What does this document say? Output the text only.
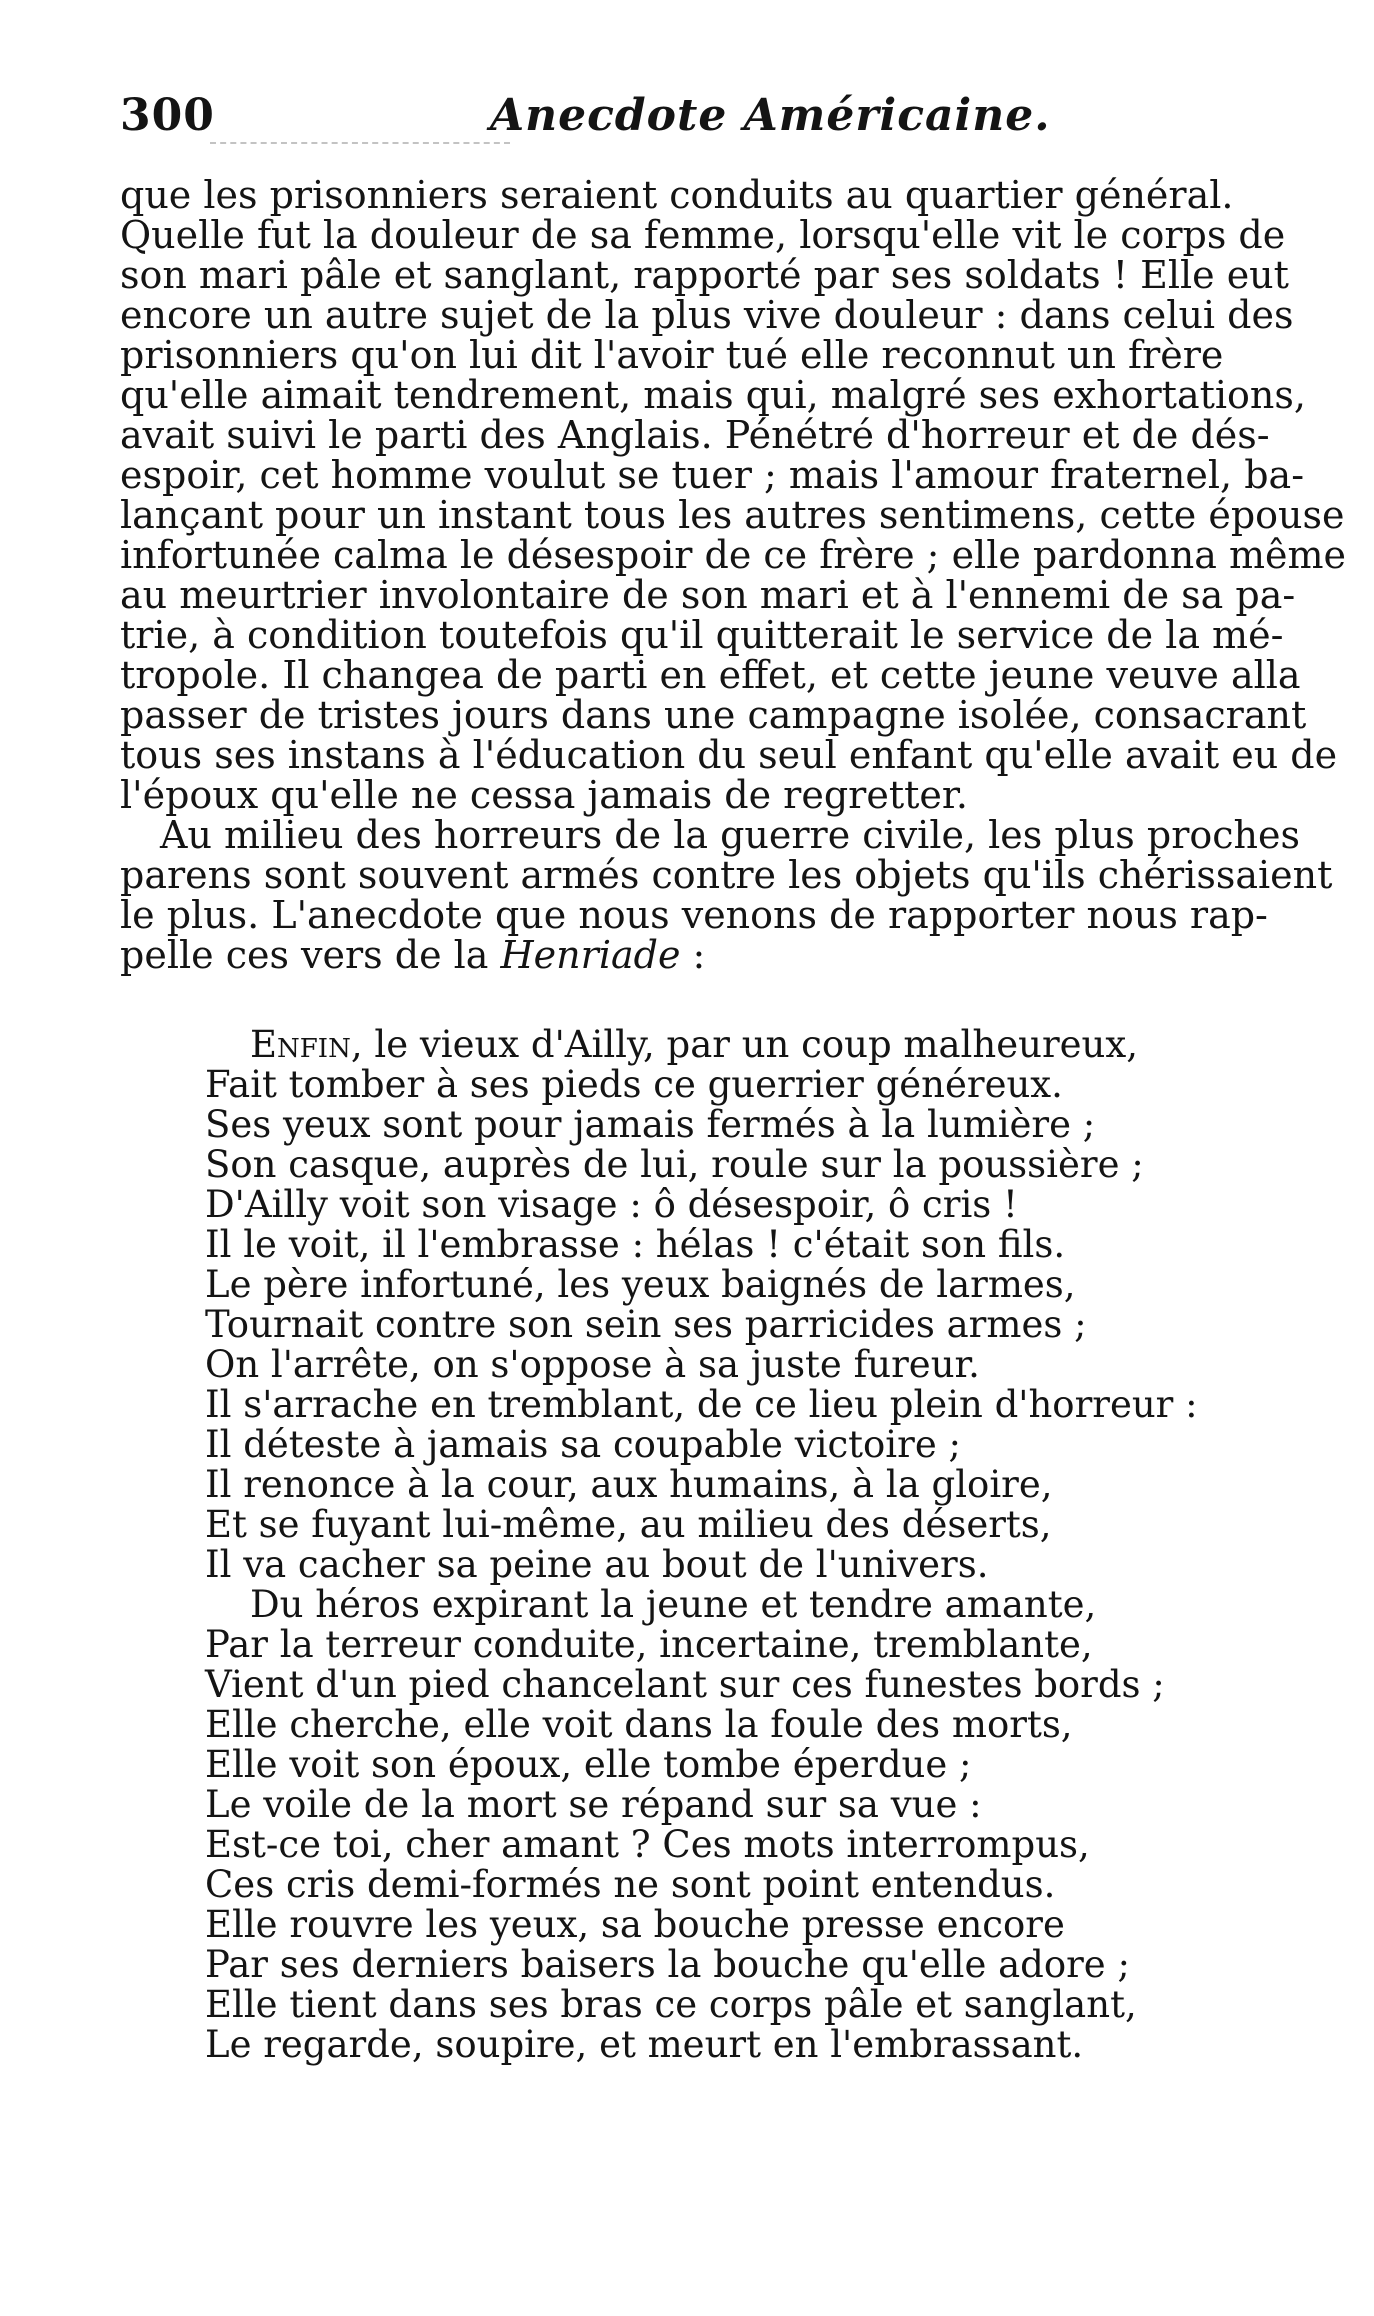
300	Anecdote Américaine.
que les prisonniers seraient conduits au quartier général.
Quelle fut la douleur de sa femme, lorsqu'elle vit le corps de
son mari pâle et sanglant, rapporté par ses soldats ! Elle eut
encore un autre sujet de la plus vive douleur : dans celui des
prisonniers qu'on lui dit l'avoir tué elle reconnut un frère
qu'elle aimait tendrement, mais qui, malgré ses exhortations,
avait suivi le parti des Anglais. Pénétré d'horreur et de dés-
espoir, cet homme voulut se tuer ; mais l'amour fraternel, ba-
lançant pour un instant tous les autres sentimens, cette épouse
infortunée calma le désespoir de ce frère ; elle pardonna même
au meurtrier involontaire de son mari et à l'ennemi de sa pa-
trie, à condition toutefois qu'il quitterait le service de la mé-
tropole. Il changea de parti en effet, et cette jeune veuve alla
passer de tristes jours dans une campagne isolée, consacrant
tous ses instans à l'éducation du seul enfant qu'elle avait eu de
l'époux qu'elle ne cessa jamais de regretter.
Au milieu des horreurs de la guerre civile, les plus proches
parens sont souvent armés contre les objets qu'ils chérissaient
le plus. L'anecdote que nous venons de rapporter nous rap-
pelle ces vers de la Henriade :
Enfin, le vieux d'Ailly, par un coup malheureux,
Fait tomber à ses pieds ce guerrier généreux.
Ses yeux sont pour jamais fermés à la lumière ;
Son casque, auprès de lui, roule sur la poussière ;
D'Ailly voit son visage : ô désespoir, ô cris !
Il le voit, il l'embrasse : hélas ! c'était son fils.
Le père infortuné, les yeux baignés de larmes,
Tournait contre son sein ses parricides armes ;
On l'arrête, on s'oppose à sa juste fureur.
Il s'arrache en tremblant, de ce lieu plein d'horreur :
Il déteste à jamais sa coupable victoire ;
Il renonce à la cour, aux humains, à la gloire,
Et se fuyant lui-même, au milieu des déserts,
Il va cacher sa peine au bout de l'univers.
Du héros expirant la jeune et tendre amante,
Par la terreur conduite, incertaine, tremblante,
Vient d'un pied chancelant sur ces funestes bords ;
Elle cherche, elle voit dans la foule des morts,
Elle voit son époux, elle tombe éperdue ;
Le voile de la mort se répand sur sa vue :
Est-ce toi, cher amant ? Ces mots interrompus,
Ces cris demi-formés ne sont point entendus.
Elle rouvre les yeux, sa bouche presse encore
Par ses derniers baisers la bouche qu'elle adore ;
Elle tient dans ses bras ce corps pâle et sanglant,
Le regarde, soupire, et meurt en l'embrassant.
